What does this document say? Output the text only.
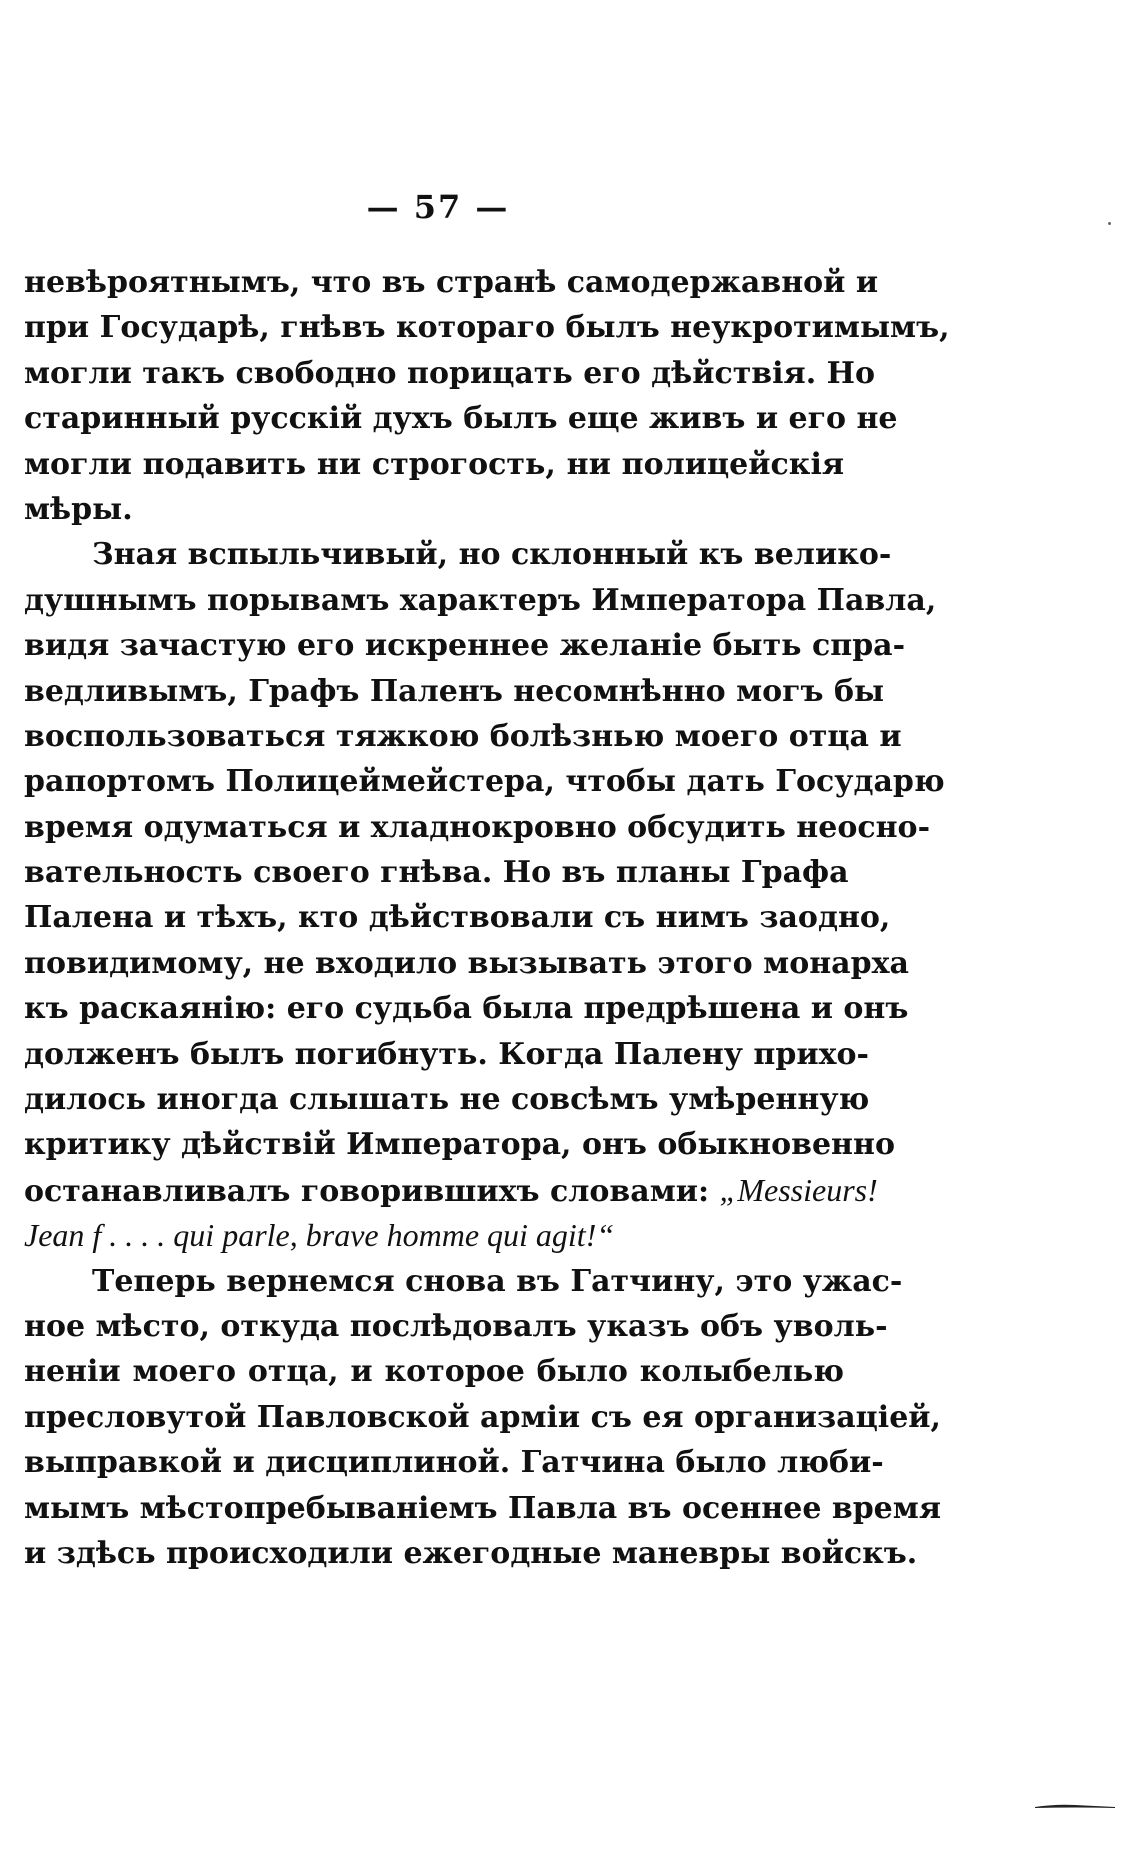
— 57 —
невѣроятнымъ, что въ странѣ самодержавной и
при Государѣ, гнѣвъ котораго былъ неукротимымъ,
могли такъ свободно порицать его дѣйствія. Но
старинный русскій духъ былъ еще живъ и его не
могли подавить ни строгость, ни полицейскія
мѣры.
Зная вспыльчивый, но склонный къ велико-
душнымъ порывамъ характеръ Императора Павла,
видя зачастую его искреннее желаніе быть спра-
ведливымъ, Графъ Паленъ несомнѣнно могъ бы
воспользоваться тяжкою болѣзнью моего отца и
рапортомъ Полицеймейстера, чтобы дать Государю
время одуматься и хладнокровно обсудить неосно-
вательность своего гнѣва. Но въ планы Графа
Палена и тѣхъ, кто дѣйствовали съ нимъ заодно,
повидимому, не входило вызывать этого монарха
къ раскаянію: его судьба была предрѣшена и онъ
долженъ былъ погибнуть. Когда Палену прихо-
дилось иногда слышать не совсѣмъ умѣренную
критику дѣйствій Императора, онъ обыкновенно
останавливалъ говорившихъ словами: „Messieurs!
Jean f . . . . qui parle, brave homme qui agit!“
Теперь вернемся снова въ Гатчину, это ужас-
ное мѣсто, откуда послѣдовалъ указъ объ уволь-
неніи моего отца, и которое было колыбелью
пресловутой Павловской арміи съ ея организаціей,
выправкой и дисциплиной. Гатчина было люби-
мымъ мѣстопребываніемъ Павла въ осеннее время
и здѣсь происходили ежегодные маневры войскъ.
